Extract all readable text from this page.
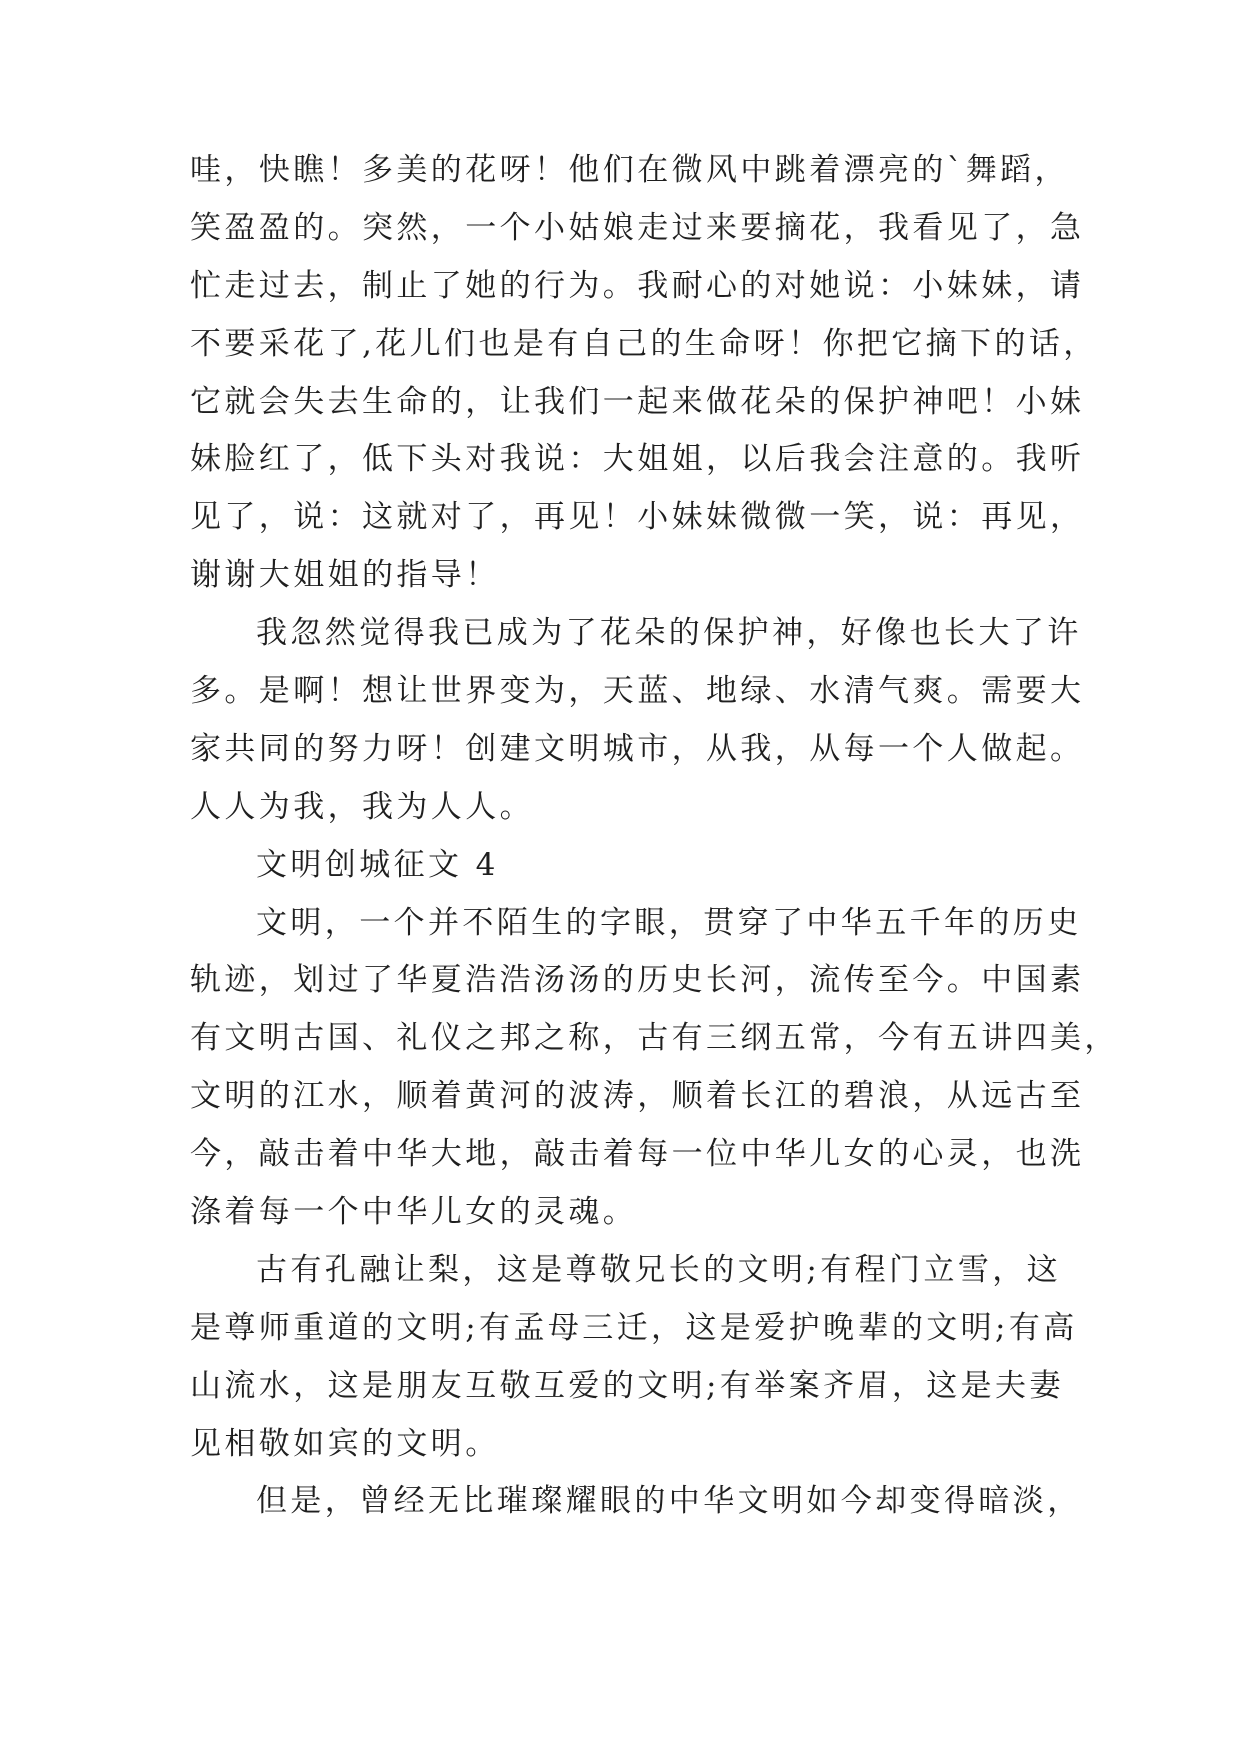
哇，快瞧！多美的花呀！他们在微风中跳着漂亮的`舞蹈，
笑盈盈的。突然，一个小姑娘走过来要摘花，我看见了，急
忙走过去，制止了她的行为。我耐心的对她说：小妹妹，请
不要采花了,花儿们也是有自己的生命呀！你把它摘下的话，
它就会失去生命的，让我们一起来做花朵的保护神吧！小妹
妹脸红了，低下头对我说：大姐姐，以后我会注意的。我听
见了，说：这就对了，再见！小妹妹微微一笑，说：再见，
谢谢大姐姐的指导！
我忽然觉得我已成为了花朵的保护神，好像也长大了许
多。是啊！想让世界变为，天蓝、地绿、水清气爽。需要大
家共同的努力呀！创建文明城市，从我，从每一个人做起。
人人为我，我为人人。
文明创城征文 4
文明，一个并不陌生的字眼，贯穿了中华五千年的历史
轨迹，划过了华夏浩浩汤汤的历史长河，流传至今。中国素
有文明古国、礼仪之邦之称，古有三纲五常，今有五讲四美，
文明的江水，顺着黄河的波涛，顺着长江的碧浪，从远古至
今，敲击着中华大地，敲击着每一位中华儿女的心灵，也洗
涤着每一个中华儿女的灵魂。
古有孔融让梨，这是尊敬兄长的文明;有程门立雪，这
是尊师重道的文明;有孟母三迁，这是爱护晚辈的文明;有高
山流水，这是朋友互敬互爱的文明;有举案齐眉，这是夫妻
见相敬如宾的文明。
但是，曾经无比璀璨耀眼的中华文明如今却变得暗淡，
